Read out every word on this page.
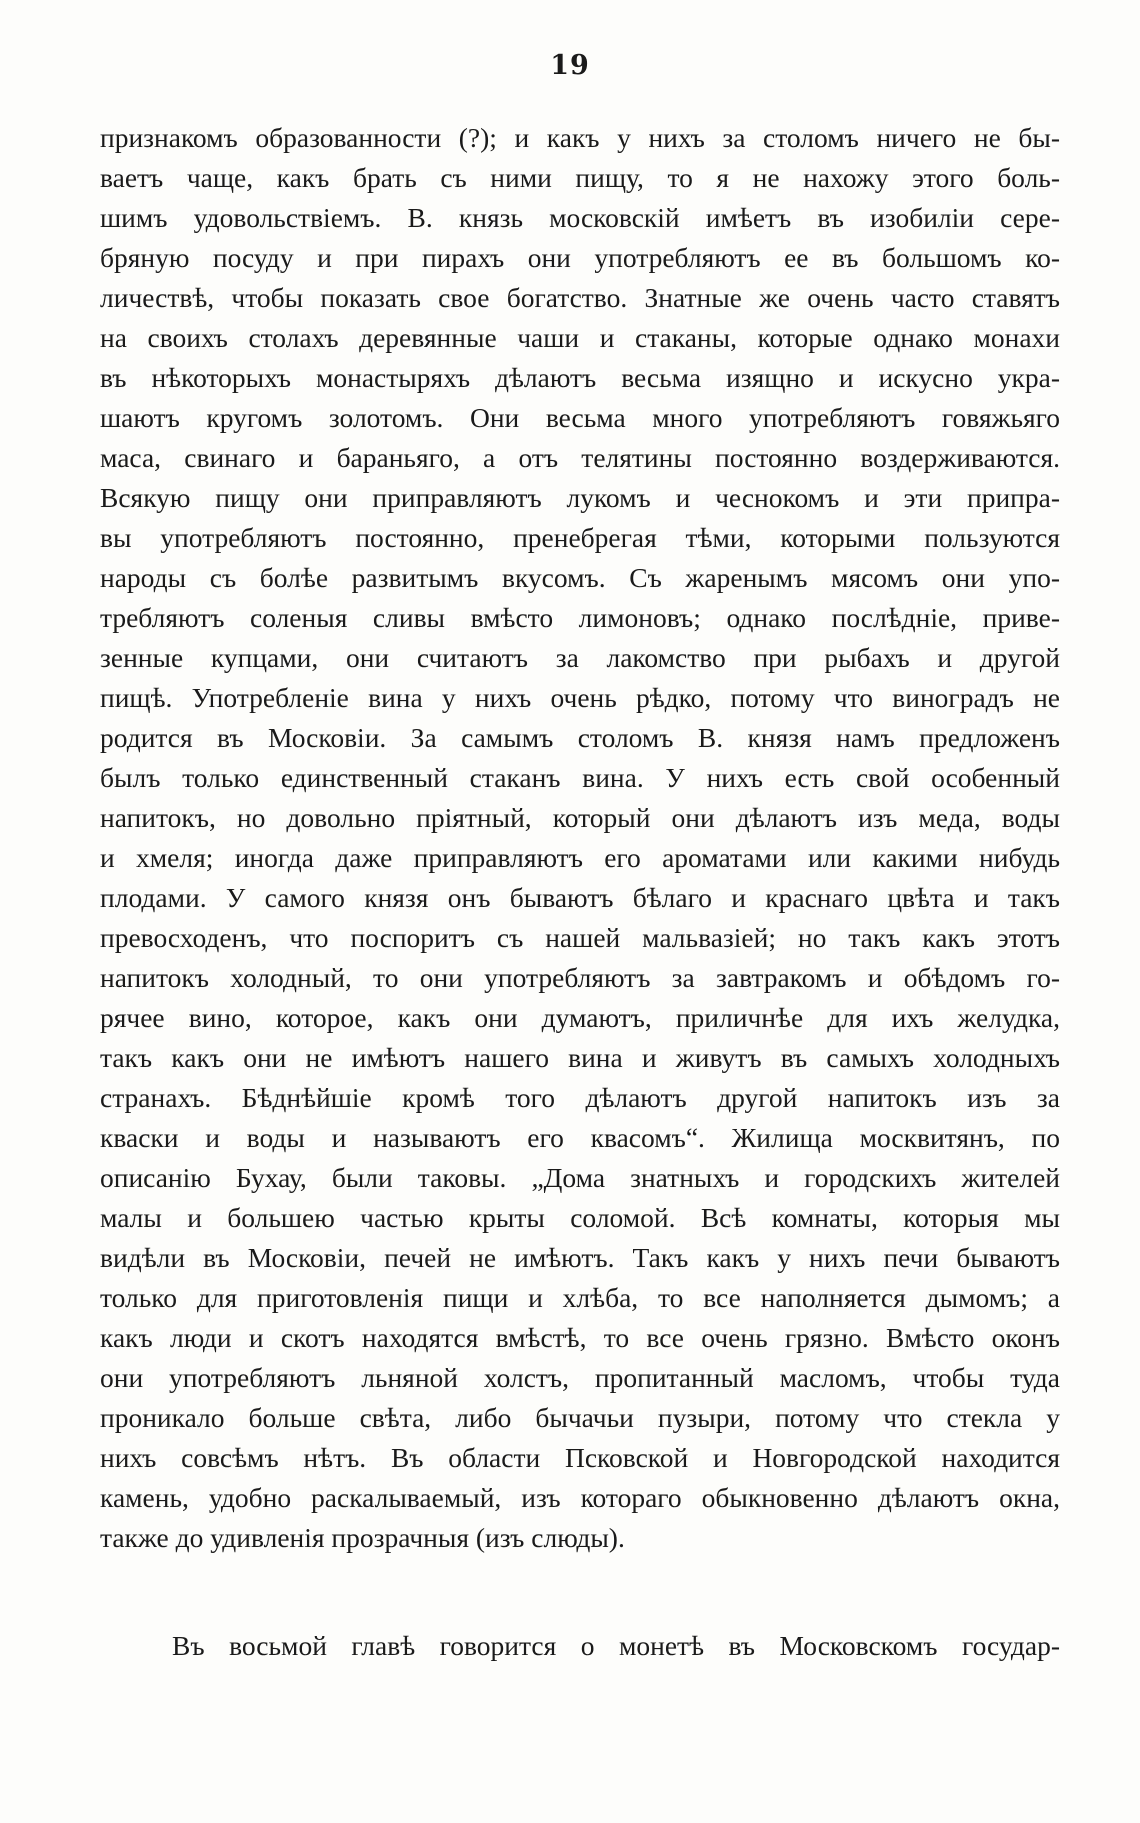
19
признакомъ образованности (?); и какъ у нихъ за столомъ ничего не бы-
ваетъ чаще, какъ брать съ ними пищу, то я не нахожу этого боль-
шимъ удовольствіемъ. В. князь московскій имѣетъ въ изобиліи сере-
бряную посуду и при пирахъ они употребляютъ ее въ большомъ ко-
личествѣ, чтобы показать свое богатство. Знатные же очень часто ставятъ
на своихъ столахъ деревянные чаши и стаканы, которые однако монахи
въ нѣкоторыхъ монастыряхъ дѣлаютъ весьма изящно и искусно укра-
шаютъ кругомъ золотомъ. Они весьма много употребляютъ говяжьяго
маса, свинаго и бараньяго, а отъ телятины постоянно воздерживаются.
Всякую пищу они приправляютъ лукомъ и чеснокомъ и эти припра-
вы употребляютъ постоянно, пренебрегая тѣми, которыми пользуются
народы съ болѣе развитымъ вкусомъ. Съ жаренымъ мясомъ они упо-
требляютъ соленыя сливы вмѣсто лимоновъ; однако послѣдніе, приве-
зенные купцами, они считаютъ за лакомство при рыбахъ и другой
пищѣ. Употребленіе вина у нихъ очень рѣдко, потому что виноградъ не
родится въ Московіи. За самымъ столомъ В. князя намъ предложенъ
былъ только единственный стаканъ вина. У нихъ есть свой особенный
напитокъ, но довольно пріятный, который они дѣлаютъ изъ меда, воды
и хмеля; иногда даже приправляютъ его ароматами или какими нибудь
плодами. У самого князя онъ бываютъ бѣлаго и краснаго цвѣта и такъ
превосходенъ, что поспоритъ съ нашей мальвазіей; но такъ какъ этотъ
напитокъ холодный, то они употребляютъ за завтракомъ и обѣдомъ го-
рячее вино, которое, какъ они думаютъ, приличнѣе для ихъ желудка,
такъ какъ они не имѣютъ нашего вина и живутъ въ самыхъ холодныхъ
странахъ. Бѣднѣйшіе кромѣ того дѣлаютъ другой напитокъ изъ за
кваски и воды и называютъ его квасомъ“. Жилища москвитянъ, по
описанію Бухау, были таковы. „Дома знатныхъ и городскихъ жителей
малы и большею частью крыты соломой. Всѣ комнаты, которыя мы
видѣли въ Московіи, печей не имѣютъ. Такъ какъ у нихъ печи бываютъ
только для приготовленія пищи и хлѣба, то все наполняется дымомъ; а
какъ люди и скотъ находятся вмѣстѣ, то все очень грязно. Вмѣсто оконъ
они употребляютъ льняной холстъ, пропитанный масломъ, чтобы туда
проникало больше свѣта, либо бычачьи пузыри, потому что стекла у
нихъ совсѣмъ нѣтъ. Въ области Псковской и Новгородской находится
камень, удобно раскалываемый, изъ котораго обыкновенно дѣлаютъ окна,
также до удивленія прозрачныя (изъ слюды).
Въ восьмой главѣ говорится о монетѣ въ Московскомъ государ-
